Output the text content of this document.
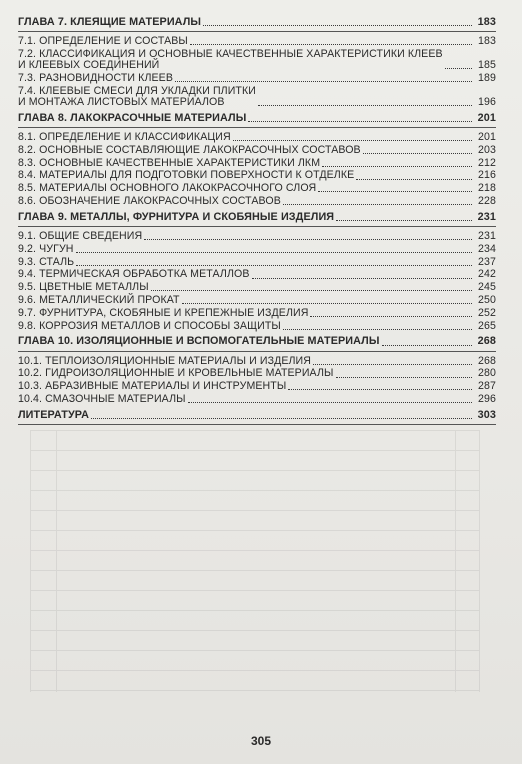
ГЛАВА 7. КЛЕЯЩИЕ МАТЕРИАЛЫ	183
7.1. ОПРЕДЕЛЕНИЕ И СОСТАВЫ	183
7.2. КЛАССИФИКАЦИЯ И ОСНОВНЫЕ КАЧЕСТВЕННЫЕ ХАРАКТЕРИСТИКИ КЛЕЕВ
И КЛЕЕВЫХ СОЕДИНЕНИЙ	185
7.3. РАЗНОВИДНОСТИ КЛЕЕВ	189
7.4. КЛЕЕВЫЕ СМЕСИ ДЛЯ УКЛАДКИ ПЛИТКИ
И МОНТАЖА ЛИСТОВЫХ МАТЕРИАЛОВ	196
ГЛАВА 8. ЛАКОКРАСОЧНЫЕ МАТЕРИАЛЫ	201
8.1. ОПРЕДЕЛЕНИЕ И КЛАССИФИКАЦИЯ	201
8.2. ОСНОВНЫЕ СОСТАВЛЯЮЩИЕ ЛАКОКРАСОЧНЫХ СОСТАВОВ	203
8.3. ОСНОВНЫЕ КАЧЕСТВЕННЫЕ ХАРАКТЕРИСТИКИ ЛКМ	212
8.4. МАТЕРИАЛЫ ДЛЯ ПОДГОТОВКИ ПОВЕРХНОСТИ К ОТДЕЛКЕ	216
8.5. МАТЕРИАЛЫ ОСНОВНОГО ЛАКОКРАСОЧНОГО СЛОЯ	218
8.6. ОБОЗНАЧЕНИЕ ЛАКОКРАСОЧНЫХ СОСТАВОВ	228
ГЛАВА 9. МЕТАЛЛЫ, ФУРНИТУРА И СКОБЯНЫЕ ИЗДЕЛИЯ	231
9.1. ОБЩИЕ СВЕДЕНИЯ	231
9.2. ЧУГУН	234
9.3. СТАЛЬ	237
9.4. ТЕРМИЧЕСКАЯ ОБРАБОТКА МЕТАЛЛОВ	242
9.5. ЦВЕТНЫЕ МЕТАЛЛЫ	245
9.6. МЕТАЛЛИЧЕСКИЙ ПРОКАТ	250
9.7. ФУРНИТУРА, СКОБЯНЫЕ И КРЕПЕЖНЫЕ ИЗДЕЛИЯ	252
9.8. КОРРОЗИЯ МЕТАЛЛОВ И СПОСОБЫ ЗАЩИТЫ	265
ГЛАВА 10. ИЗОЛЯЦИОННЫЕ И ВСПОМОГАТЕЛЬНЫЕ МАТЕРИАЛЫ	268
10.1. ТЕПЛОИЗОЛЯЦИОННЫЕ МАТЕРИАЛЫ И ИЗДЕЛИЯ	268
10.2. ГИДРОИЗОЛЯЦИОННЫЕ И КРОВЕЛЬНЫЕ МАТЕРИАЛЫ	280
10.3. АБРАЗИВНЫЕ МАТЕРИАЛЫ И ИНСТРУМЕНТЫ	287
10.4. СМАЗОЧНЫЕ МАТЕРИАЛЫ	296
ЛИТЕРАТУРА	303
305
